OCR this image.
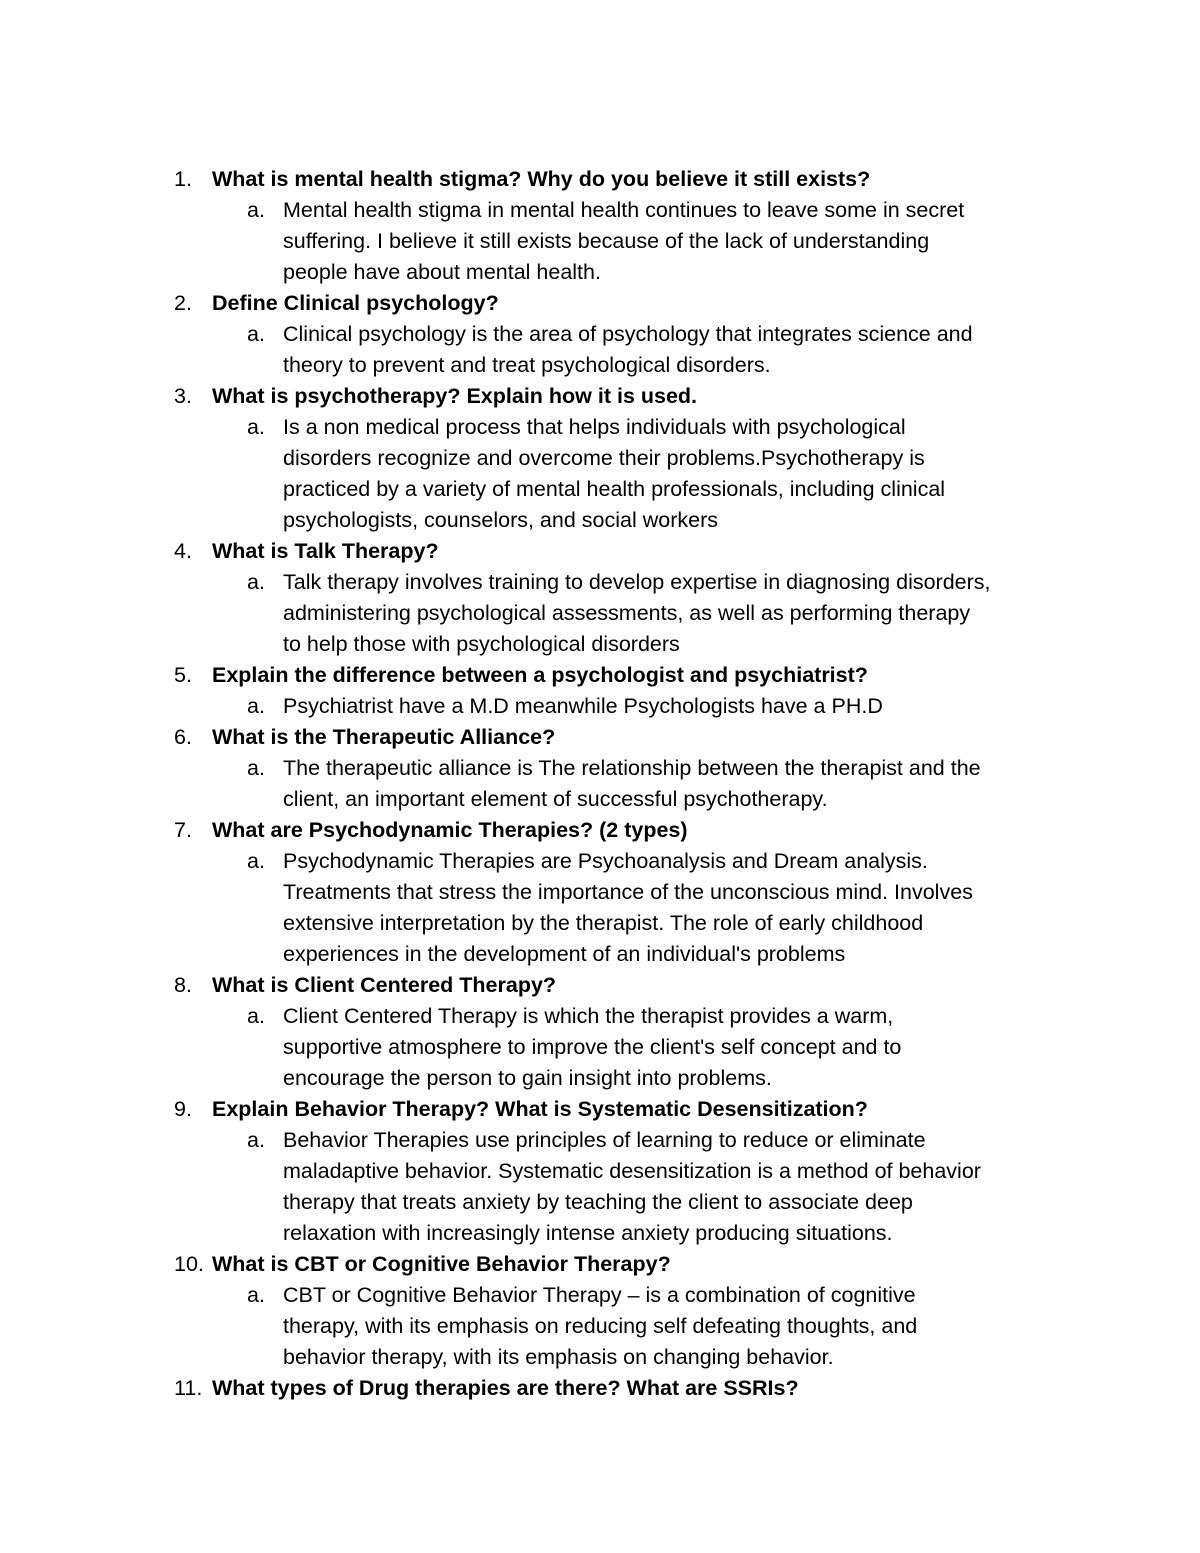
1. What is mental health stigma? Why do you believe it still exists?
a. Mental health stigma in mental health continues to leave some in secret
suffering. I believe it still exists because of the lack of understanding
people have about mental health.
2. Define Clinical psychology?
a. Clinical psychology is the area of psychology that integrates science and
theory to prevent and treat psychological disorders.
3. What is psychotherapy? Explain how it is used.
a. Is a non medical process that helps individuals with psychological
disorders recognize and overcome their problems.Psychotherapy is
practiced by a variety of mental health professionals, including clinical
psychologists, counselors, and social workers
4. What is Talk Therapy?
a. Talk therapy involves training to develop expertise in diagnosing disorders,
administering psychological assessments, as well as performing therapy
to help those with psychological disorders
5. Explain the difference between a psychologist and psychiatrist?
a. Psychiatrist have a M.D meanwhile Psychologists have a PH.D
6. What is the Therapeutic Alliance?
a. The therapeutic alliance is The relationship between the therapist and the
client, an important element of successful psychotherapy.
7. What are Psychodynamic Therapies? (2 types)
a. Psychodynamic Therapies are Psychoanalysis and Dream analysis.
Treatments that stress the importance of the unconscious mind. Involves
extensive interpretation by the therapist. The role of early childhood
experiences in the development of an individual's problems
8. What is Client Centered Therapy?
a. Client Centered Therapy is which the therapist provides a warm,
supportive atmosphere to improve the client's self concept and to
encourage the person to gain insight into problems.
9. Explain Behavior Therapy? What is Systematic Desensitization?
a. Behavior Therapies use principles of learning to reduce or eliminate
maladaptive behavior. Systematic desensitization is a method of behavior
therapy that treats anxiety by teaching the client to associate deep
relaxation with increasingly intense anxiety producing situations.
10. What is CBT or Cognitive Behavior Therapy?
a. CBT or Cognitive Behavior Therapy – is a combination of cognitive
therapy, with its emphasis on reducing self defeating thoughts, and
behavior therapy, with its emphasis on changing behavior.
11. What types of Drug therapies are there? What are SSRIs?
